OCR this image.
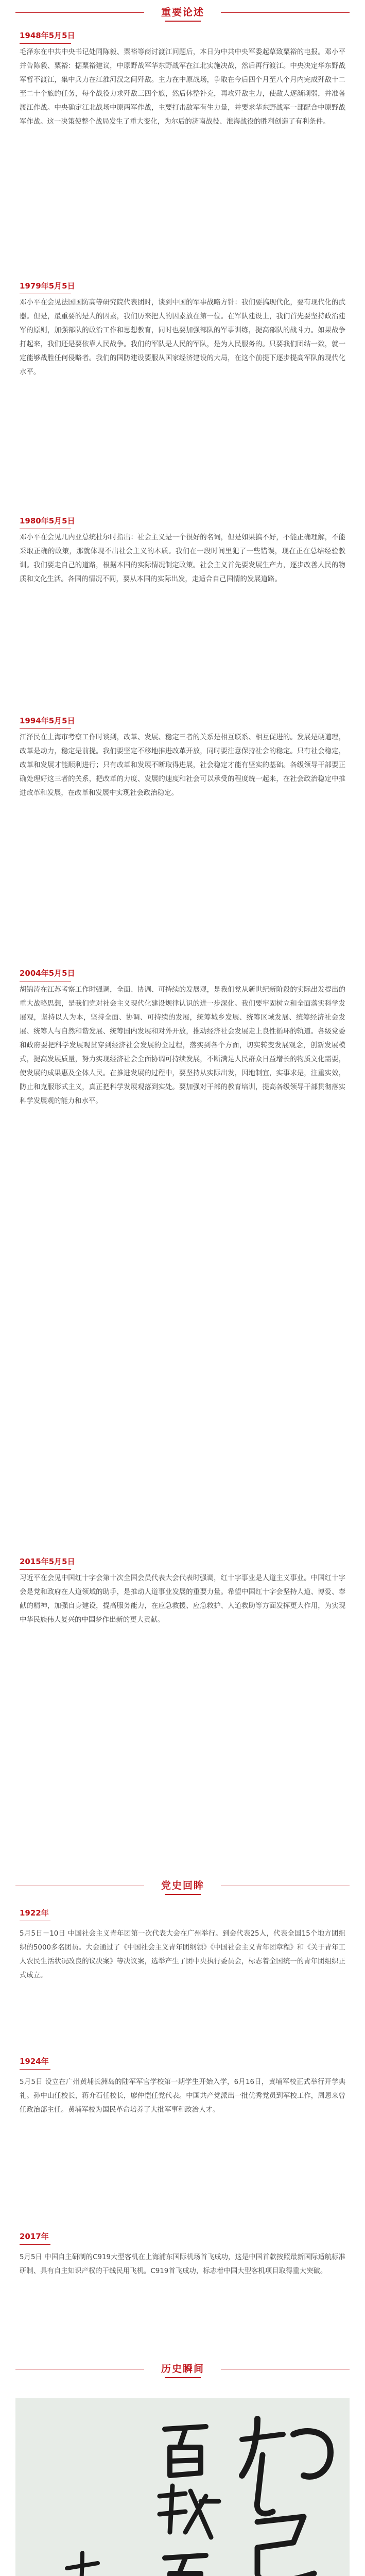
重要论述
1948年5月5日
毛泽东在中共中央书记处同陈毅、粟裕等商讨渡江问题后，本日为中共中央军委起草致粟裕的电报。邓小平并告陈毅、粟裕：据粟裕建议，中原野战军华东野战军在江北实施决战，然后再行渡江。中央决定华东野战军暂不渡江，集中兵力在江淮河汉之间歼敌。主力在中原战场，争取在今后四个月至八个月内完成歼敌十二至二十个旅的任务，每个战役力求歼敌三四个旅，然后休整补充，再攻歼敌主力，使敌人逐渐削弱，并准备渡江作战。中央确定江北战场中原两军作战，主要打击敌军有生力量，并要求华东野战军一部配合中原野战军作战。这一决策使整个战局发生了重大变化，为尔后的济南战役、淮海战役的胜利创造了有利条件。
1979年5月5日
邓小平在会见法国国防高等研究院代表团时，谈到中国的军事战略方针：我们要搞现代化，要有现代化的武器。但是，最重要的是人的因素，我们历来把人的因素放在第一位。在军队建设上，我们首先要坚持政治建军的原则，加强部队的政治工作和思想教育，同时也要加强部队的军事训练，提高部队的战斗力。如果战争打起来，我们还是要依靠人民战争。我们的军队是人民的军队，是为人民服务的。只要我们团结一致，就一定能够战胜任何侵略者。我们的国防建设要服从国家经济建设的大局，在这个前提下逐步提高军队的现代化水平。
1980年5月5日
邓小平在会见几内亚总统杜尔时指出：社会主义是一个很好的名词，但是如果搞不好，不能正确理解，不能采取正确的政策，那就体现不出社会主义的本质。我们在一段时间里犯了一些错误，现在正在总结经验教训。我们要走自己的道路，根据本国的实际情况制定政策。社会主义首先要发展生产力，逐步改善人民的物质和文化生活。各国的情况不同，要从本国的实际出发，走适合自己国情的发展道路。
1994年5月5日
江泽民在上海市考察工作时谈到，改革、发展、稳定三者的关系是相互联系、相互促进的。发展是硬道理，改革是动力，稳定是前提。我们要坚定不移地推进改革开放，同时要注意保持社会的稳定。只有社会稳定，改革和发展才能顺利进行；只有改革和发展不断取得进展，社会稳定才能有坚实的基础。各级领导干部要正确处理好这三者的关系，把改革的力度、发展的速度和社会可以承受的程度统一起来，在社会政治稳定中推进改革和发展，在改革和发展中实现社会政治稳定。
2004年5月5日
胡锦涛在江苏考察工作时强调，全面、协调、可持续的发展观，是我们党从新世纪新阶段的实际出发提出的重大战略思想，是我们党对社会主义现代化建设规律认识的进一步深化。我们要牢固树立和全面落实科学发展观，坚持以人为本，坚持全面、协调、可持续的发展，统筹城乡发展、统筹区域发展、统筹经济社会发展、统筹人与自然和谐发展、统筹国内发展和对外开放，推动经济社会发展走上良性循环的轨道。各级党委和政府要把科学发展观贯穿到经济社会发展的全过程，落实到各个方面，切实转变发展观念，创新发展模式，提高发展质量，努力实现经济社会全面协调可持续发展，不断满足人民群众日益增长的物质文化需要，使发展的成果惠及全体人民。在推进发展的过程中，要坚持从实际出发，因地制宜，实事求是，注重实效，防止和克服形式主义，真正把科学发展观落到实处。要加强对干部的教育培训，提高各级领导干部贯彻落实科学发展观的能力和水平。
2015年5月5日
习近平在会见中国红十字会第十次全国会员代表大会代表时强调，红十字事业是人道主义事业。中国红十字会是党和政府在人道领域的助手，是推动人道事业发展的重要力量。希望中国红十字会坚持人道、博爱、奉献的精神，加强自身建设，提高服务能力，在应急救援、应急救护、人道救助等方面发挥更大作用，为实现中华民族伟大复兴的中国梦作出新的更大贡献。
党史回眸
1922年
5月5日－10日 中国社会主义青年团第一次代表大会在广州举行。到会代表25人，代表全国15个地方团组织的5000多名团员。大会通过了《中国社会主义青年团纲领》《中国社会主义青年团章程》和《关于青年工人农民生活状况改良的议决案》等决议案，选举产生了团中央执行委员会，标志着全国统一的青年团组织正式成立。
1924年
5月5日 设立在广州黄埔长洲岛的陆军军官学校第一期学生开始入学，6月16日，黄埔军校正式举行开学典礼。孙中山任校长，蒋介石任校长，廖仲恺任党代表。中国共产党派出一批优秀党员到军校工作，周恩来曾任政治部主任。黄埔军校为国民革命培养了大批军事和政治人才。
2017年
5月5日 中国自主研制的C919大型客机在上海浦东国际机场首飞成功，这是中国首款按照最新国际适航标准研制、具有自主知识产权的干线民用飞机。C919首飞成功，标志着中国大型客机项目取得重大突破。
历史瞬间
